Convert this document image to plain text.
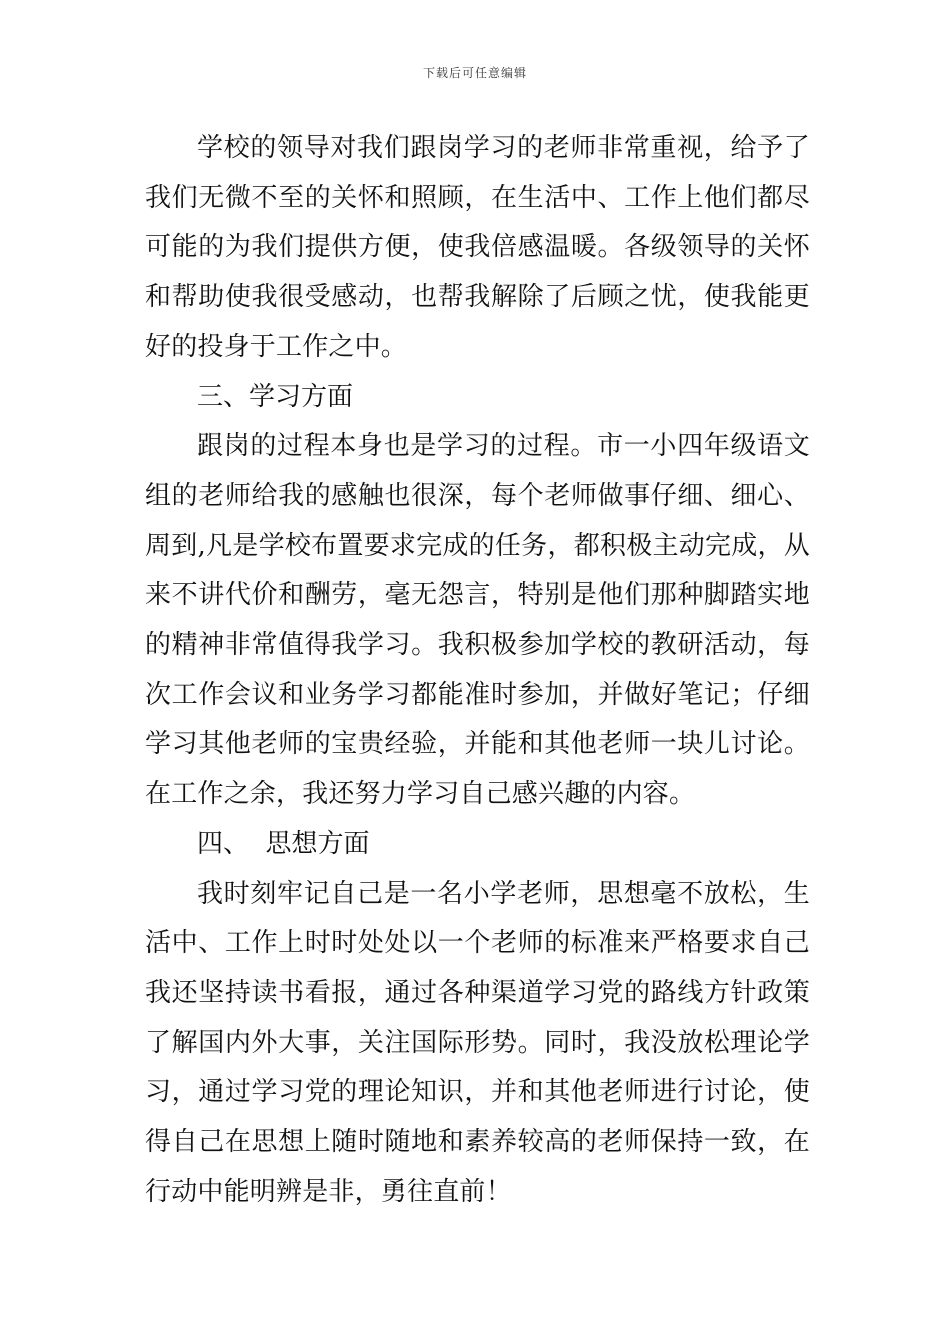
下载后可任意编辑

学校的领导对我们跟岗学习的老师非常重视，给予了我们无微不至的关怀和照顾，在生活中、工作上他们都尽可能的为我们提供方便，使我倍感温暖。各级领导的关怀和帮助使我很受感动，也帮我解除了后顾之忧，使我能更好的投身于工作之中。

三、学习方面

跟岗的过程本身也是学习的过程。市一小四年级语文组的老师给我的感触也很深，每个老师做事仔细、细心、周到,凡是学校布置要求完成的任务，都积极主动完成，从来不讲代价和酬劳，毫无怨言，特别是他们那种脚踏实地的精神非常值得我学习。我积极参加学校的教研活动，每次工作会议和业务学习都能准时参加，并做好笔记；仔细学习其他老师的宝贵经验，并能和其他老师一块儿讨论。在工作之余，我还努力学习自己感兴趣的内容。

四、  思想方面

我时刻牢记自己是一名小学老师，思想毫不放松，生活中、工作上时时处处以一个老师的标准来严格要求自己我还坚持读书看报，通过各种渠道学习党的路线方针政策了解国内外大事，关注国际形势。同时，我没放松理论学习，通过学习党的理论知识，并和其他老师进行讨论，使得自己在思想上随时随地和素养较高的老师保持一致，在行动中能明辨是非，勇往直前！
